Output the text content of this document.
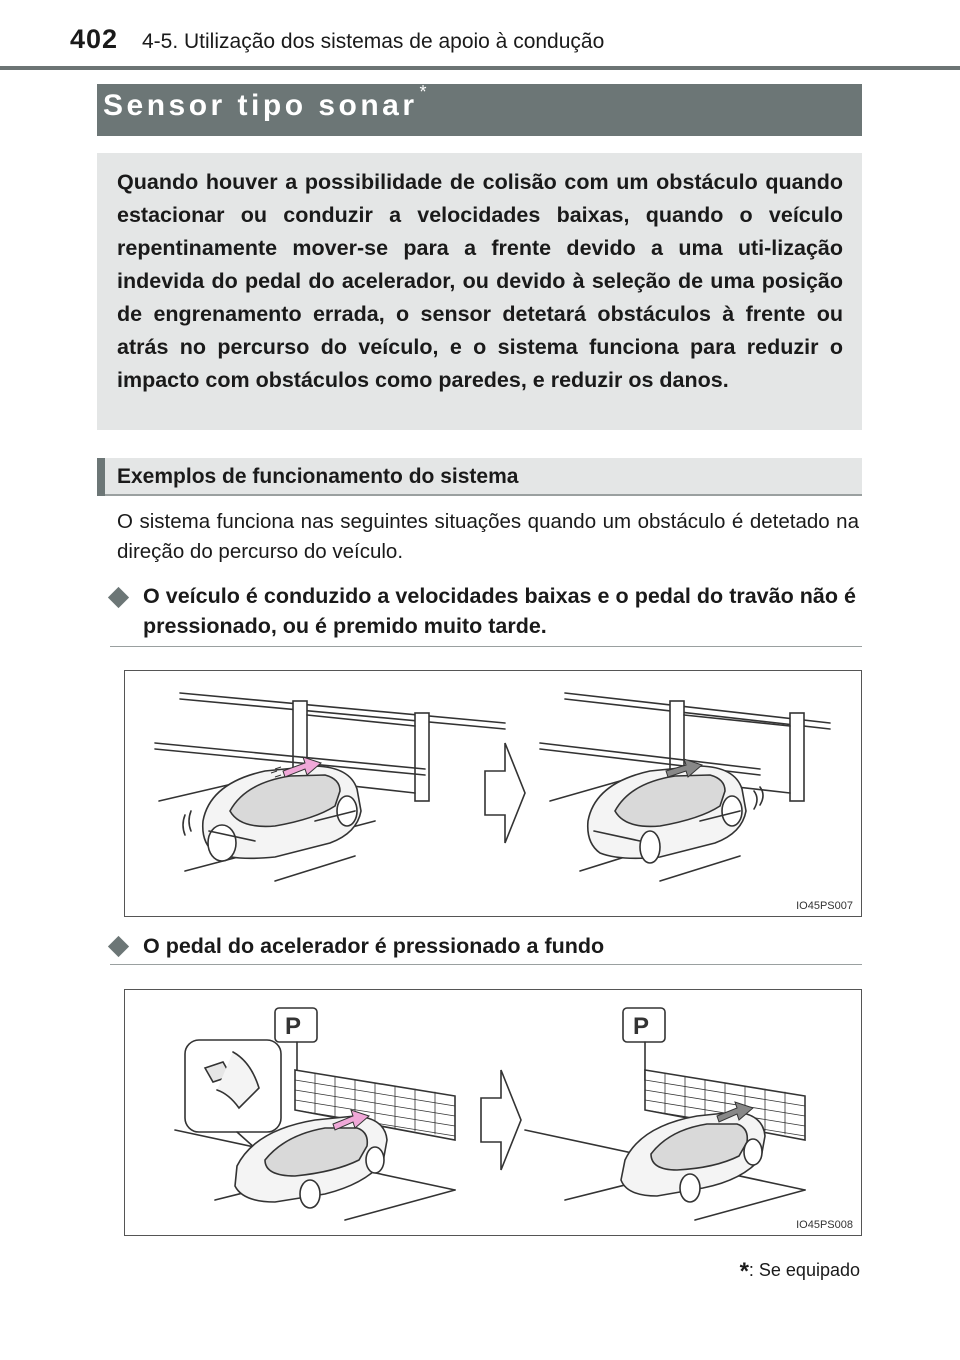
402 4-5. Utilização dos sistemas de apoio à condução
Sensor tipo sonar *
Quando houver a possibilidade de colisão com um obstáculo quando estacionar ou conduzir a velocidades baixas, quando o veículo repentinamente mover-se para a frente devido a uma uti-lização indevida do pedal do acelerador, ou devido à seleção de uma posição de engrenamento errada, o sensor detetará obstáculos à frente ou atrás no percurso do veículo, e o sistema funciona para reduzir o impacto com obstáculos como paredes, e reduzir os danos.
Exemplos de funcionamento do sistema
O sistema funciona nas seguintes situações quando um obstáculo é detetado na direção do percurso do veículo.
O veículo é conduzido a velocidades baixas e o pedal do travão não é pressionado, ou é premido muito tarde.
IO45PS007
O pedal do acelerador é pressionado a fundo
P	P
IO45PS008
*: Se equipado
